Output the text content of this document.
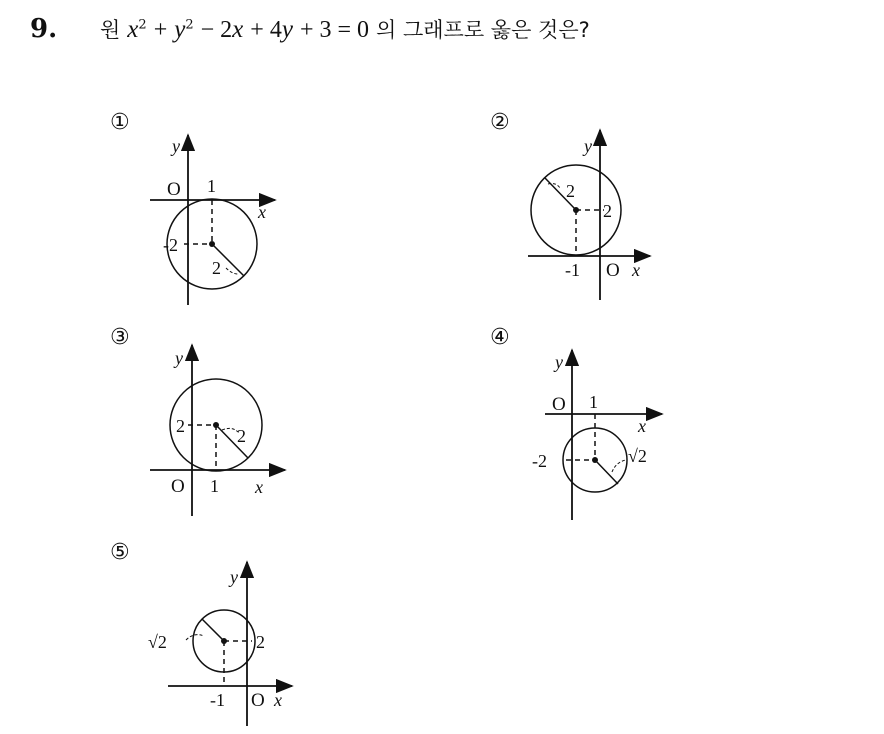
9. 원 $x^2 + y^2 - 2x + 4y + 3 = 0$ 의 그래프로 옳은 것은?
①	②
③	④
⑤
O 1
x
y
-2
2	O x
y
2
2
-1
O 1 x
y
2	2
O 1
x
y
-2	√2
O x
y
√2	2
-1
